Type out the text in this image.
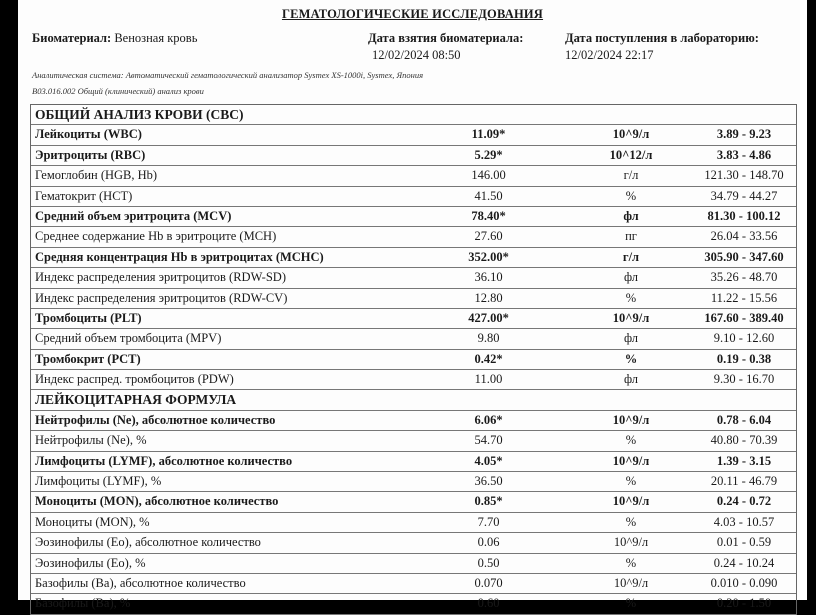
ГЕМАТОЛОГИЧЕСКИЕ ИССЛЕДОВАНИЯ
Биоматериал: Венозная кровь	Дата взятия биоматериала:
12/02/2024 08:50
Дата поступления в лабораторию:
12/02/2024 22:17
Аналитическая система: Автоматический гематологический анализатор Sysmex XS-1000i, Sysmex, Япония
B03.016.002 Общий (клинический) анализ крови
ОБЩИЙ АНАЛИЗ КРОВИ (CBC)
Лейкоциты (WBC)	11.09*	10^9/л	3.89 - 9.23
Эритроциты (RBC)	5.29*	10^12/л	3.83 - 4.86
Гемоглобин (HGB, Hb)	146.00	г/л	121.30 - 148.70
Гематокрит (HCT)	41.50	%	34.79 - 44.27
Средний объем эритроцита (MCV)	78.40*	фл	81.30 - 100.12
Среднее содержание Hb в эритроците (MCH)	27.60	пг	26.04 - 33.56
Средняя концентрация Hb в эритроцитах (MCHC)	352.00*	г/л	305.90 - 347.60
Индекс распределения эритроцитов (RDW-SD)	36.10	фл	35.26 - 48.70
Индекс распределения эритроцитов (RDW-CV)	12.80	%	11.22 - 15.56
Тромбоциты (PLT)	427.00*	10^9/л	167.60 - 389.40
Средний объем тромбоцита (MPV)	9.80	фл	9.10 - 12.60
Тромбокрит (PCT)	0.42*	%	0.19 - 0.38
Индекс распред. тромбоцитов (PDW)	11.00	фл	9.30 - 16.70
ЛЕЙКОЦИТАРНАЯ ФОРМУЛА
Нейтрофилы (Ne), абсолютное количество	6.06*	10^9/л	0.78 - 6.04
Нейтрофилы (Ne), %	54.70	%	40.80 - 70.39
Лимфоциты (LYMF), абсолютное количество	4.05*	10^9/л	1.39 - 3.15
Лимфоциты (LYMF), %	36.50	%	20.11 - 46.79
Моноциты (MON), абсолютное количество	0.85*	10^9/л	0.24 - 0.72
Моноциты (MON), %	7.70	%	4.03 - 10.57
Эозинофилы (Eo), абсолютное количество	0.06	10^9/л	0.01 - 0.59
Эозинофилы (Eo), %	0.50	%	0.24 - 10.24
Базофилы (Ba), абсолютное количество	0.070	10^9/л	0.010 - 0.090
Базофилы (Ba), %	0.60	%	0.20 - 1.50
